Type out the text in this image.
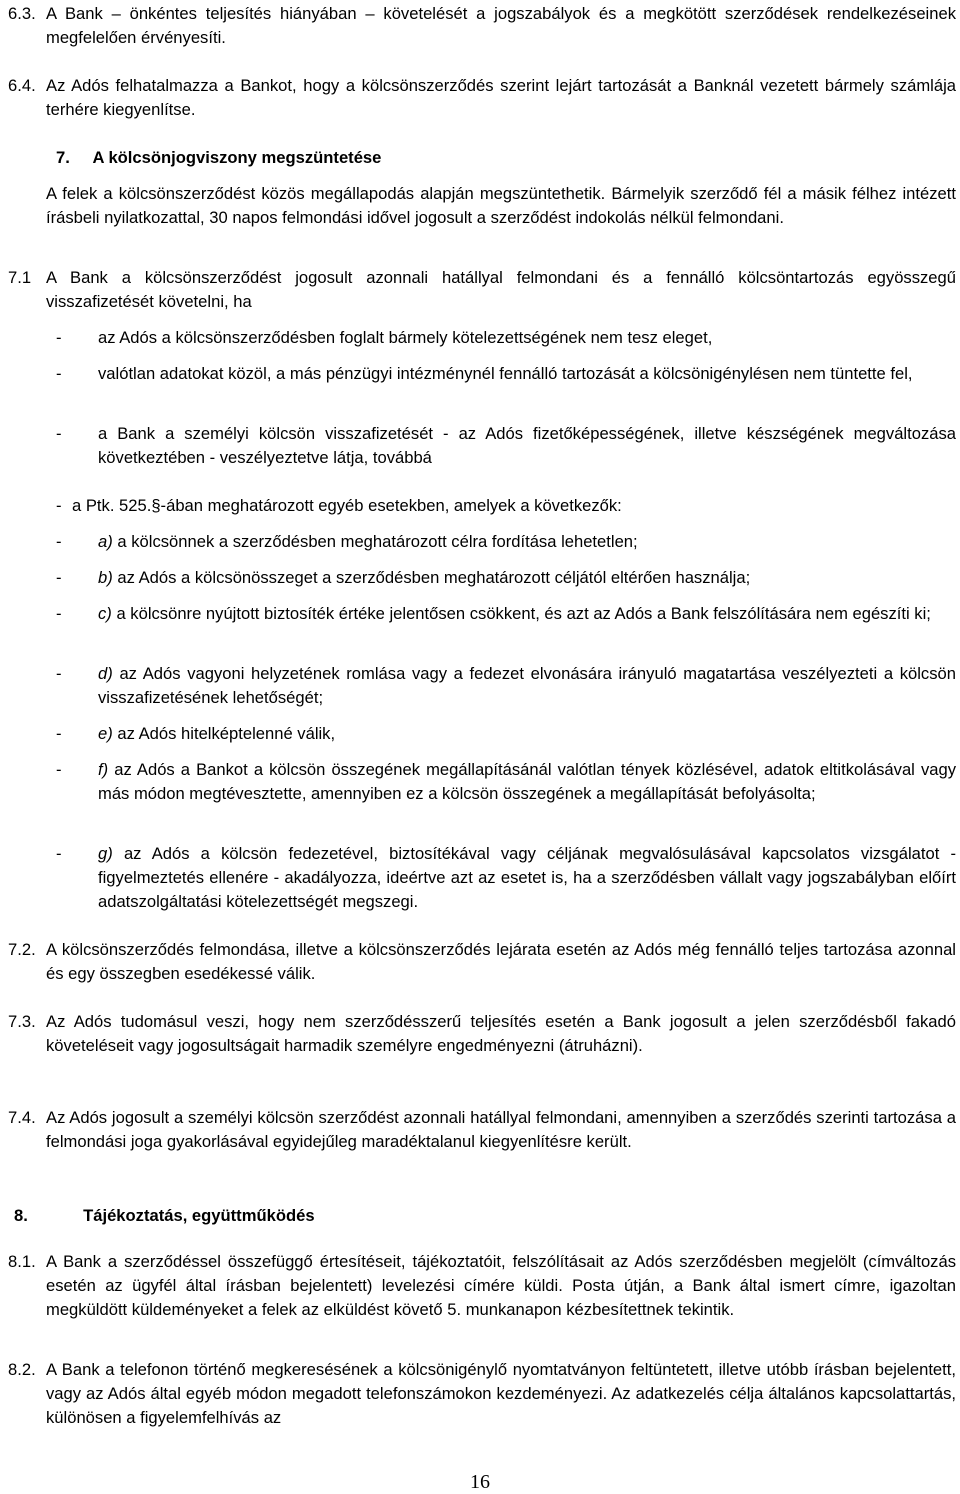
6.3. A Bank – önkéntes teljesítés hiányában – követelését a jogszabályok és a megkötött szerződések rendelkezéseinek megfelelően érvényesíti.
6.4. Az Adós felhatalmazza a Bankot, hogy a kölcsönszerződés szerint lejárt tartozását a Banknál vezetett bármely számlája terhére kiegyenlítse.
7. A kölcsönjogviszony megszüntetése
A felek a kölcsönszerződést közös megállapodás alapján megszüntethetik. Bármelyik szerződő fél a másik félhez intézett írásbeli nyilatkozattal, 30 napos felmondási idővel jogosult a szerződést indokolás nélkül felmondani.
7.1 A Bank a kölcsönszerződést jogosult azonnali hatállyal felmondani és a fennálló kölcsöntartozás egyösszegű visszafizetését követelni, ha
-	az Adós a kölcsönszerződésben foglalt bármely kötelezettségének nem tesz eleget,
-	valótlan adatokat közöl, a más pénzügyi intézménynél fennálló tartozását a kölcsönigénylésen nem tüntette fel,
-	a Bank a személyi kölcsön visszafizetését - az Adós fizetőképességének, illetve készségének megváltozása következtében - veszélyeztetve látja, továbbá
- a Ptk. 525.§-ában meghatározott egyéb esetekben, amelyek a következők:
-	a) a kölcsönnek a szerződésben meghatározott célra fordítása lehetetlen;
-	b) az Adós a kölcsönösszeget a szerződésben meghatározott céljától eltérően használja;
-	c) a kölcsönre nyújtott biztosíték értéke jelentősen csökkent, és azt az Adós a Bank felszólítására nem egészíti ki;
-	d) az Adós vagyoni helyzetének romlása vagy a fedezet elvonására irányuló magatartása veszélyezteti a kölcsön visszafizetésének lehetőségét;
-	e) az Adós hitelképtelenné válik,
-	f) az Adós a Bankot a kölcsön összegének megállapításánál valótlan tények közlésével, adatok eltitkolásával vagy más módon megtévesztette, amennyiben ez a kölcsön összegének a megállapítását befolyásolta;
-	g) az Adós a kölcsön fedezetével, biztosítékával vagy céljának megvalósulásával kapcsolatos vizsgálatot - figyelmeztetés ellenére - akadályozza, ideértve azt az esetet is, ha a szerződésben vállalt vagy jogszabályban előírt adatszolgáltatási kötelezettségét megszegi.
7.2. A kölcsönszerződés felmondása, illetve a kölcsönszerződés lejárata esetén az Adós még fennálló teljes tartozása azonnal és egy összegben esedékessé válik.
7.3. Az Adós tudomásul veszi, hogy nem szerződésszerű teljesítés esetén a Bank jogosult a jelen szerződésből fakadó követeléseit vagy jogosultságait harmadik személyre engedményezni (átruházni).
7.4. Az Adós jogosult a személyi kölcsön szerződést azonnali hatállyal felmondani, amennyiben a szerződés szerinti tartozása a felmondási joga gyakorlásával egyidejűleg maradéktalanul kiegyenlítésre került.
8.	Tájékoztatás, együttműködés
8.1. A Bank a szerződéssel összefüggő értesítéseit, tájékoztatóit, felszólításait az Adós szerződésben megjelölt (címváltozás esetén az ügyfél által írásban bejelentett) levelezési címére küldi. Posta útján, a Bank által ismert címre, igazoltan megküldött küldeményeket a felek az elküldést követő 5. munkanapon kézbesítettnek tekintik.
8.2. A Bank a telefonon történő megkeresésének a kölcsönigénylő nyomtatványon feltüntetett, illetve utóbb írásban bejelentett, vagy az Adós által egyéb módon megadott telefonszámokon kezdeményezi. Az adatkezelés célja általános kapcsolattartás, különösen a figyelemfelhívás az
16
